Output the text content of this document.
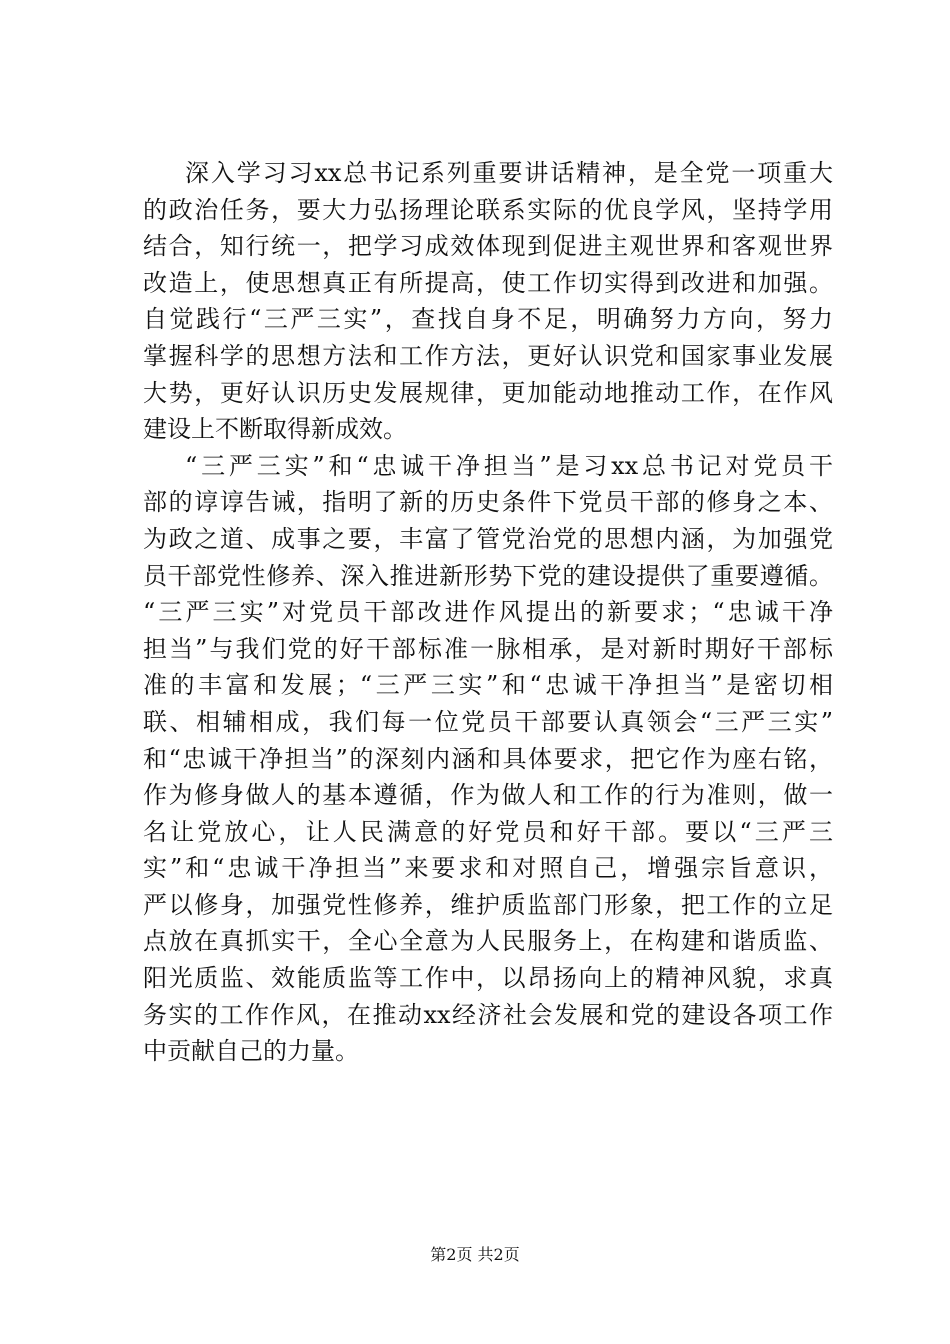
深入学习习xx总书记系列重要讲话精神，是全党一项重大
的政治任务，要大力弘扬理论联系实际的优良学风，坚持学用
结合，知行统一，把学习成效体现到促进主观世界和客观世界
改造上，使思想真正有所提高，使工作切实得到改进和加强。
自觉践行“三严三实”，查找自身不足，明确努力方向，努力
掌握科学的思想方法和工作方法，更好认识党和国家事业发展
大势，更好认识历史发展规律，更加能动地推动工作，在作风
建设上不断取得新成效。
“三严三实”和“忠诚干净担当”是习xx总书记对党员干
部的谆谆告诫，指明了新的历史条件下党员干部的修身之本、
为政之道、成事之要，丰富了管党治党的思想内涵，为加强党
员干部党性修养、深入推进新形势下党的建设提供了重要遵循。
“三严三实”对党员干部改进作风提出的新要求；“忠诚干净
担当”与我们党的好干部标准一脉相承，是对新时期好干部标
准的丰富和发展；“三严三实”和“忠诚干净担当”是密切相
联、相辅相成，我们每一位党员干部要认真领会“三严三实”
和“忠诚干净担当”的深刻内涵和具体要求，把它作为座右铭，
作为修身做人的基本遵循，作为做人和工作的行为准则，做一
名让党放心，让人民满意的好党员和好干部。要以“三严三
实”和“忠诚干净担当”来要求和对照自己，增强宗旨意识，
严以修身，加强党性修养，维护质监部门形象，把工作的立足
点放在真抓实干，全心全意为人民服务上，在构建和谐质监、
阳光质监、效能质监等工作中，以昂扬向上的精神风貌，求真
务实的工作作风，在推动xx经济社会发展和党的建设各项工作
中贡献自己的力量。
第2页 共2页
